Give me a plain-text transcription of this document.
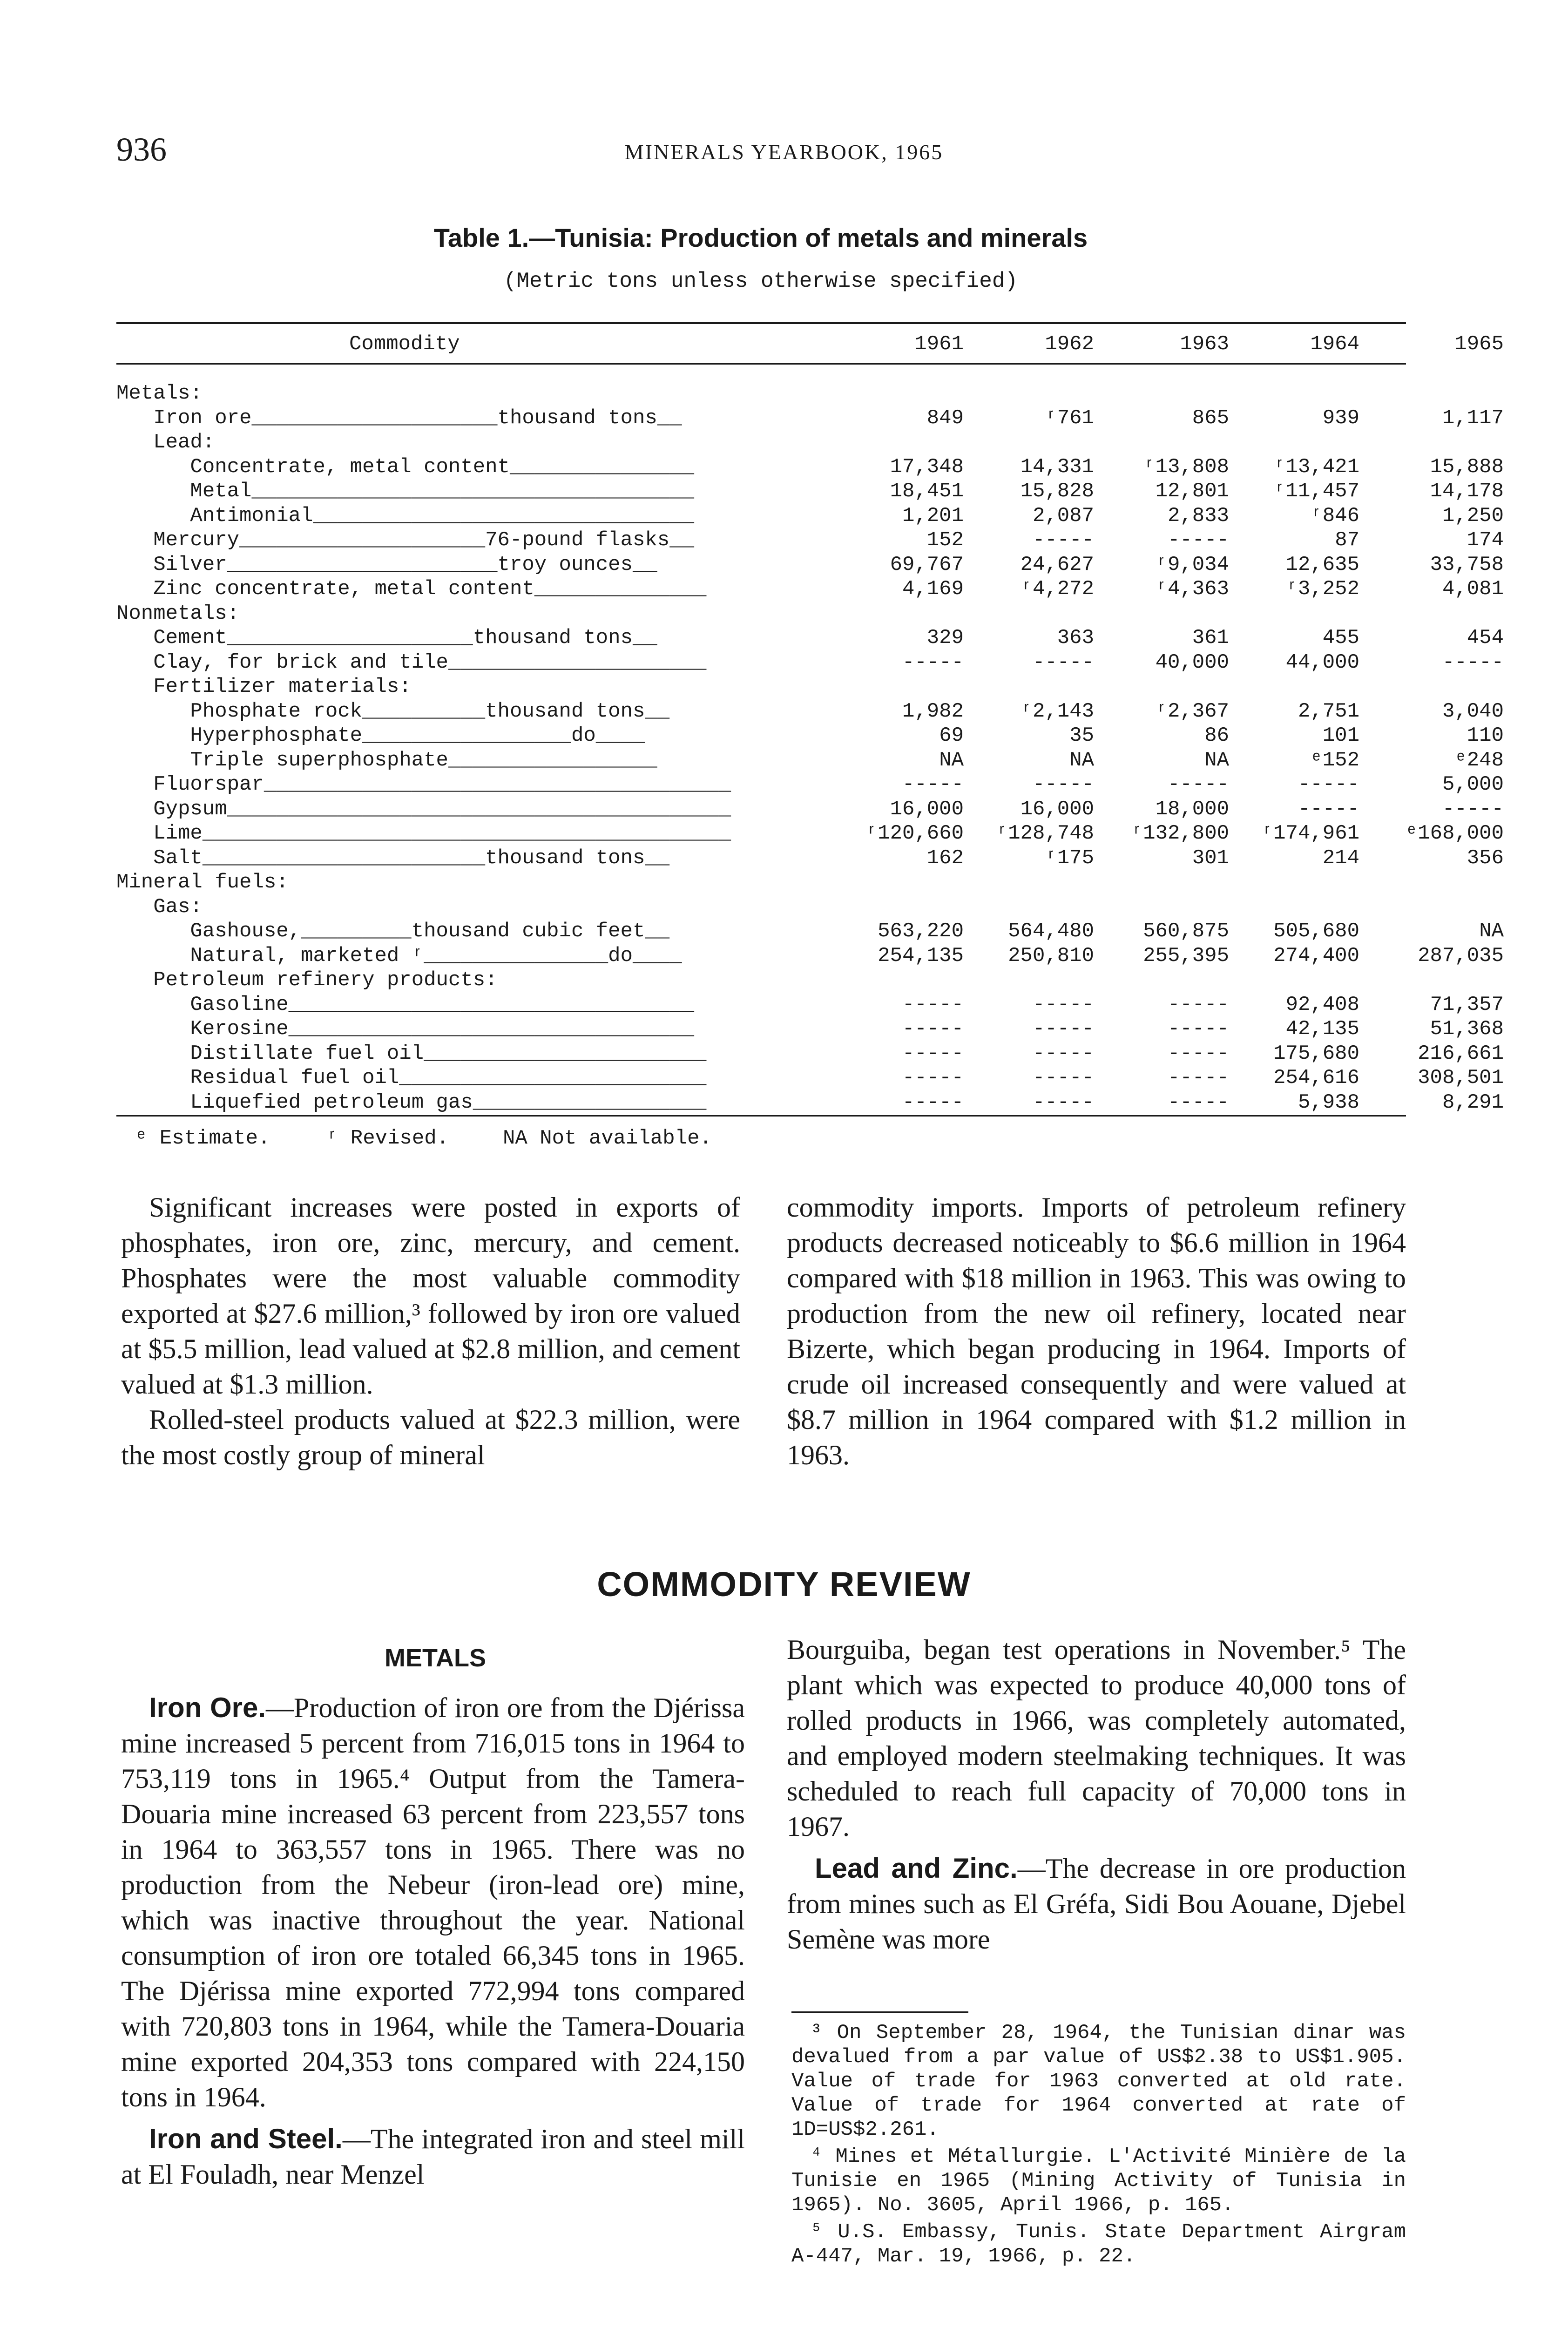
936	MINERALS YEARBOOK, 1965
Table 1.—Tunisia: Production of metals and minerals
(Metric tons unless otherwise specified)
Commodity	1961	1962	1963	1964	1965
Metals:
Iron ore____________________thousand tons__	849	ʳ761	865	939	1,117
Lead:
Concentrate, metal content_______________	17,348	14,331	ʳ13,808	ʳ13,421	15,888
Metal____________________________________	18,451	15,828	12,801	ʳ11,457	14,178
Antimonial_______________________________	1,201	2,087	2,833	ʳ846	1,250
Mercury____________________76-pound flasks__	152	-----	-----	87	174
Silver______________________troy ounces__	69,767	24,627	ʳ9,034	12,635	33,758
Zinc concentrate, metal content______________	4,169	ʳ4,272	ʳ4,363	ʳ3,252	4,081
Nonmetals:
Cement____________________thousand tons__	329	363	361	455	454
Clay, for brick and tile_____________________	-----	-----	40,000	44,000	-----
Fertilizer materials:
Phosphate rock__________thousand tons__	1,982	ʳ2,143	ʳ2,367	2,751	3,040
Hyperphosphate_________________do____	69	35	86	101	110
Triple superphosphate_________________	NA	NA	NA	ᵉ152	ᵉ248
Fluorspar______________________________________	-----	-----	-----	-----	5,000
Gypsum_________________________________________	16,000	16,000	18,000	-----	-----
Lime___________________________________________	ʳ120,660 ʳ128,748 ʳ132,800 ʳ174,961 ᵉ168,000
Salt_______________________thousand tons__	162	ʳ175	301	214	356
Mineral fuels:
Gas:
Gashouse,_________thousand cubic feet__	563,220	564,480	560,875	505,680	NA
Natural, marketed ʳ_______________do____	254,135	250,810	255,395	274,400	287,035
Petroleum refinery products:
Gasoline_________________________________	-----	-----	-----	92,408	71,357
Kerosine_________________________________	-----	-----	-----	42,135	51,368
Distillate fuel oil_______________________	-----	-----	-----	175,680	216,661
Residual fuel oil_________________________	-----	-----	-----	254,616	308,501
Liquefied petroleum gas___________________	-----	-----	-----	5,938	8,291
ᵉ Estimate.	ʳ Revised.	NA Not available.

Significant increases were posted in exports of phosphates, iron ore, zinc, mercury, and cement. Phosphates were the most valuable commodity exported at $27.6 million,³ followed by iron ore valued at $5.5 million, lead valued at $2.8 million, and cement valued at $1.3 million.

Rolled-steel products valued at $22.3 million, were the most costly group of mineral

commodity imports. Imports of petroleum refinery products decreased noticeably to $6.6 million in 1964 compared with $18 million in 1963. This was owing to production from the new oil refinery, located near Bizerte, which began producing in 1964. Imports of crude oil increased consequently and were valued at $8.7 million in 1964 compared with $1.2 million in 1963.

COMMODITY REVIEW
METALS

Iron Ore.—Production of iron ore from the Djérissa mine increased 5 percent from 716,015 tons in 1964 to 753,119 tons in 1965.⁴ Output from the Tamera-Douaria mine increased 63 percent from 223,557 tons in 1964 to 363,557 tons in 1965. There was no production from the Nebeur (iron-lead ore) mine, which was inactive throughout the year. National consumption of iron ore totaled 66,345 tons in 1965. The Djérissa mine exported 772,994 tons compared with 720,803 tons in 1964, while the Tamera-Douaria mine exported 204,353 tons compared with 224,150 tons in 1964.

Iron and Steel.—The integrated iron and steel mill at El Fouladh, near Menzel

Bourguiba, began test operations in November.⁵ The plant which was expected to produce 40,000 tons of rolled products in 1966, was completely automated, and employed modern steelmaking techniques. It was scheduled to reach full capacity of 70,000 tons in 1967.

Lead and Zinc.—The decrease in ore production from mines such as El Gréfa, Sidi Bou Aouane, Djebel Semène was more

³ On September 28, 1964, the Tunisian dinar was devalued from a par value of US$2.38 to US$1.905. Value of trade for 1963 converted at old rate. Value of trade for 1964 converted at rate of 1D=US$2.261.

⁴ Mines et Métallurgie. L'Activité Minière de la Tunisie en 1965 (Mining Activity of Tunisia in 1965). No. 3605, April 1966, p. 165.

⁵ U.S. Embassy, Tunis. State Department Airgram A-447, Mar. 19, 1966, p. 22.
